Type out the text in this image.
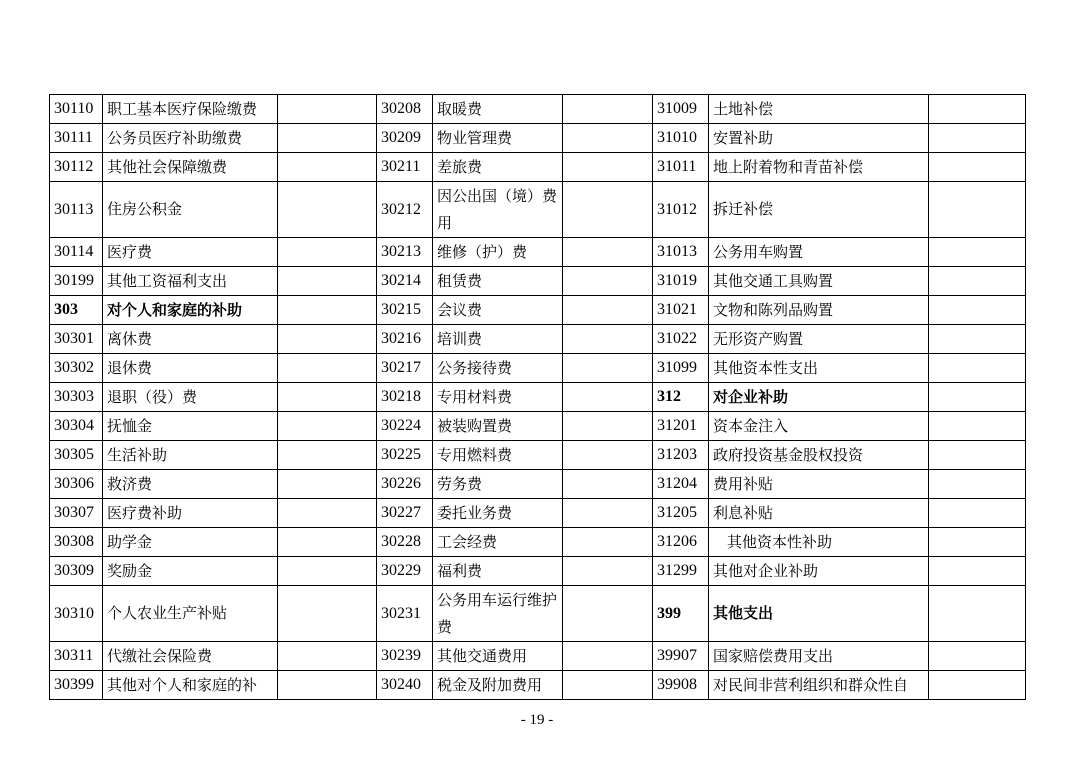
30110	职工基本医疗保险缴费		30208	取暖费		31009	土地补偿	
30111	公务员医疗补助缴费		30209	物业管理费		31010	安置补助	
30112	其他社会保障缴费		30211	差旅费		31011	地上附着物和青苗补偿	
30113	住房公积金		30212	因公出国（境）费用		31012	拆迁补偿	
30114	医疗费		30213	维修（护）费		31013	公务用车购置	
30199	其他工资福利支出		30214	租赁费		31019	其他交通工具购置	
303	对个人和家庭的补助		30215	会议费		31021	文物和陈列品购置	
30301	离休费		30216	培训费		31022	无形资产购置	
30302	退休费		30217	公务接待费		31099	其他资本性支出	
30303	退职（役）费		30218	专用材料费		312	对企业补助	
30304	抚恤金		30224	被装购置费		31201	资本金注入	
30305	生活补助		30225	专用燃料费		31203	政府投资基金股权投资	
30306	救济费		30226	劳务费		31204	费用补贴	
30307	医疗费补助		30227	委托业务费		31205	利息补贴	
30308	助学金		30228	工会经费		31206	其他资本性补助	
30309	奖励金		30229	福利费		31299	其他对企业补助	
30310	个人农业生产补贴		30231	公务用车运行维护费		399	其他支出	
30311	代缴社会保险费		30239	其他交通费用		39907	国家赔偿费用支出	
30399	其他对个人和家庭的补		30240	税金及附加费用		39908	对民间非营利组织和群众性自	
- 19 -
